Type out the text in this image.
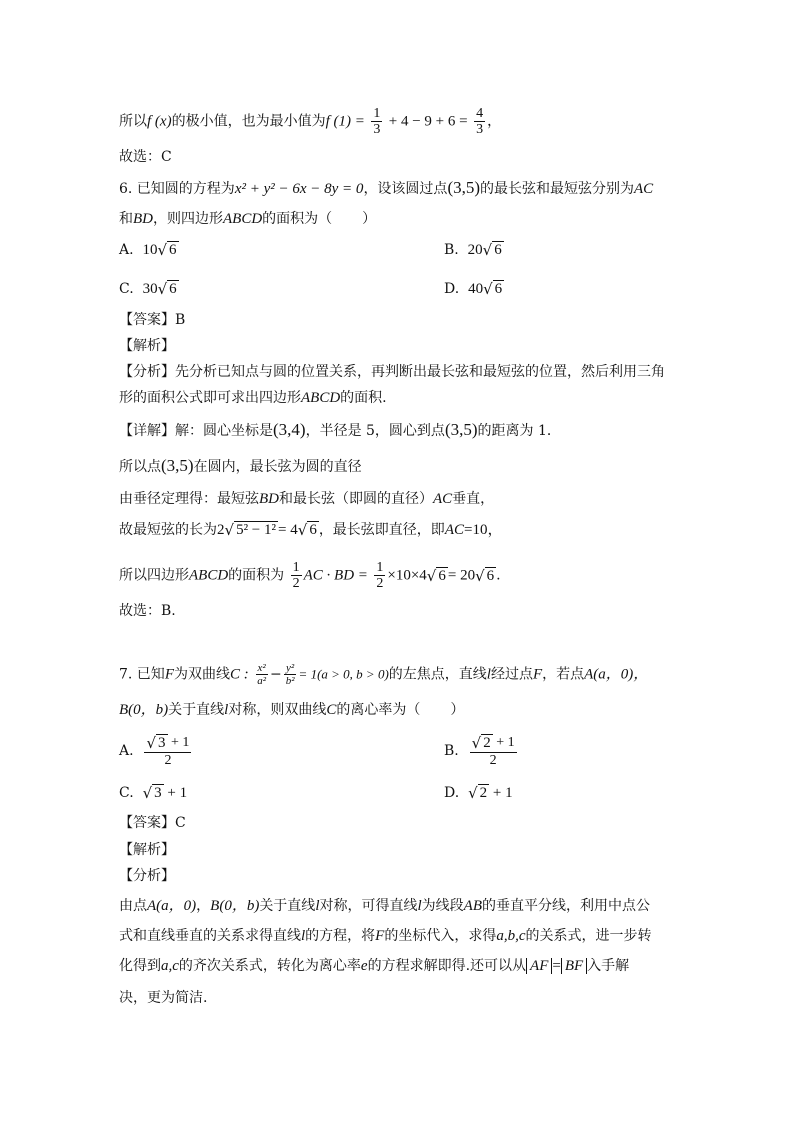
所以f (x)的极小值，也为最小值为f $(1) = \frac{1}{3} + 4 - 9 + 6 = \frac{4}{3}$ ，
故选：C
6. 已知圆的方程为x² + y² − 6x − 8y = 0，设该圆过点(3,5)的最长弦和最短弦分别为AC
和BD，则四边形ABCD的面积为（ ）
A. 10 √ 6	B. 20 √ 6
C. 30 √ 6	D. 40 √ 6
【答案】B
【解析】
【分析】先分析已知点与圆的位置关系，再判断出最长弦和最短弦的位置，然后利用三角
形的面积公式即可求出四边形ABCD的面积.
【详解】解：圆心坐标是(3,4)，半径是 5，圆心到点(3,5)的距离为 1．
所以点(3,5)在圆内，最长弦为圆的直径
由垂径定理得：最短弦BD和最长弦（即圆的直径）AC垂直，
故最短弦的长为2 √ 5² − 1² = 4 √ 6 ，最长弦即直径，即AC=10，
所以四边形ABCD的面积为 $\frac{1}{2}$ AC · BD = $\frac{1}{2} \times 10\times 4$ √ 6 = 20 √ 6 .
故选：B.
7. 已知F为双曲线C : $\frac{\text{x²}}{\text{a²}} - \frac{\text{y²}}{\text{b²}} = 1(a > 0$, b > 0)的左焦点，直线l经过点F，若点A(a，0)，
B(0，b)关于直线l对称，则双曲线C的离心率为（ ）
A. $\frac{√ 3 + 1}{2}$	B. $\frac{√ 2 + 1}{2}$
C. √ 3 + 1	D. √ 2 + 1
【答案】C
【解析】
【分析】
由点A(a，0)，B(0，b)关于直线l对称，可得直线l为线段AB的垂直平分线，利用中点公
式和直线垂直的关系求得直线l的方程，将F的坐标代入，求得a,b,c的关系式，进一步转
化得到a,c的齐次关系式，转化为离心率e的方程求解即得.还可以从 AF = BF 入手解
决，更为简洁.
